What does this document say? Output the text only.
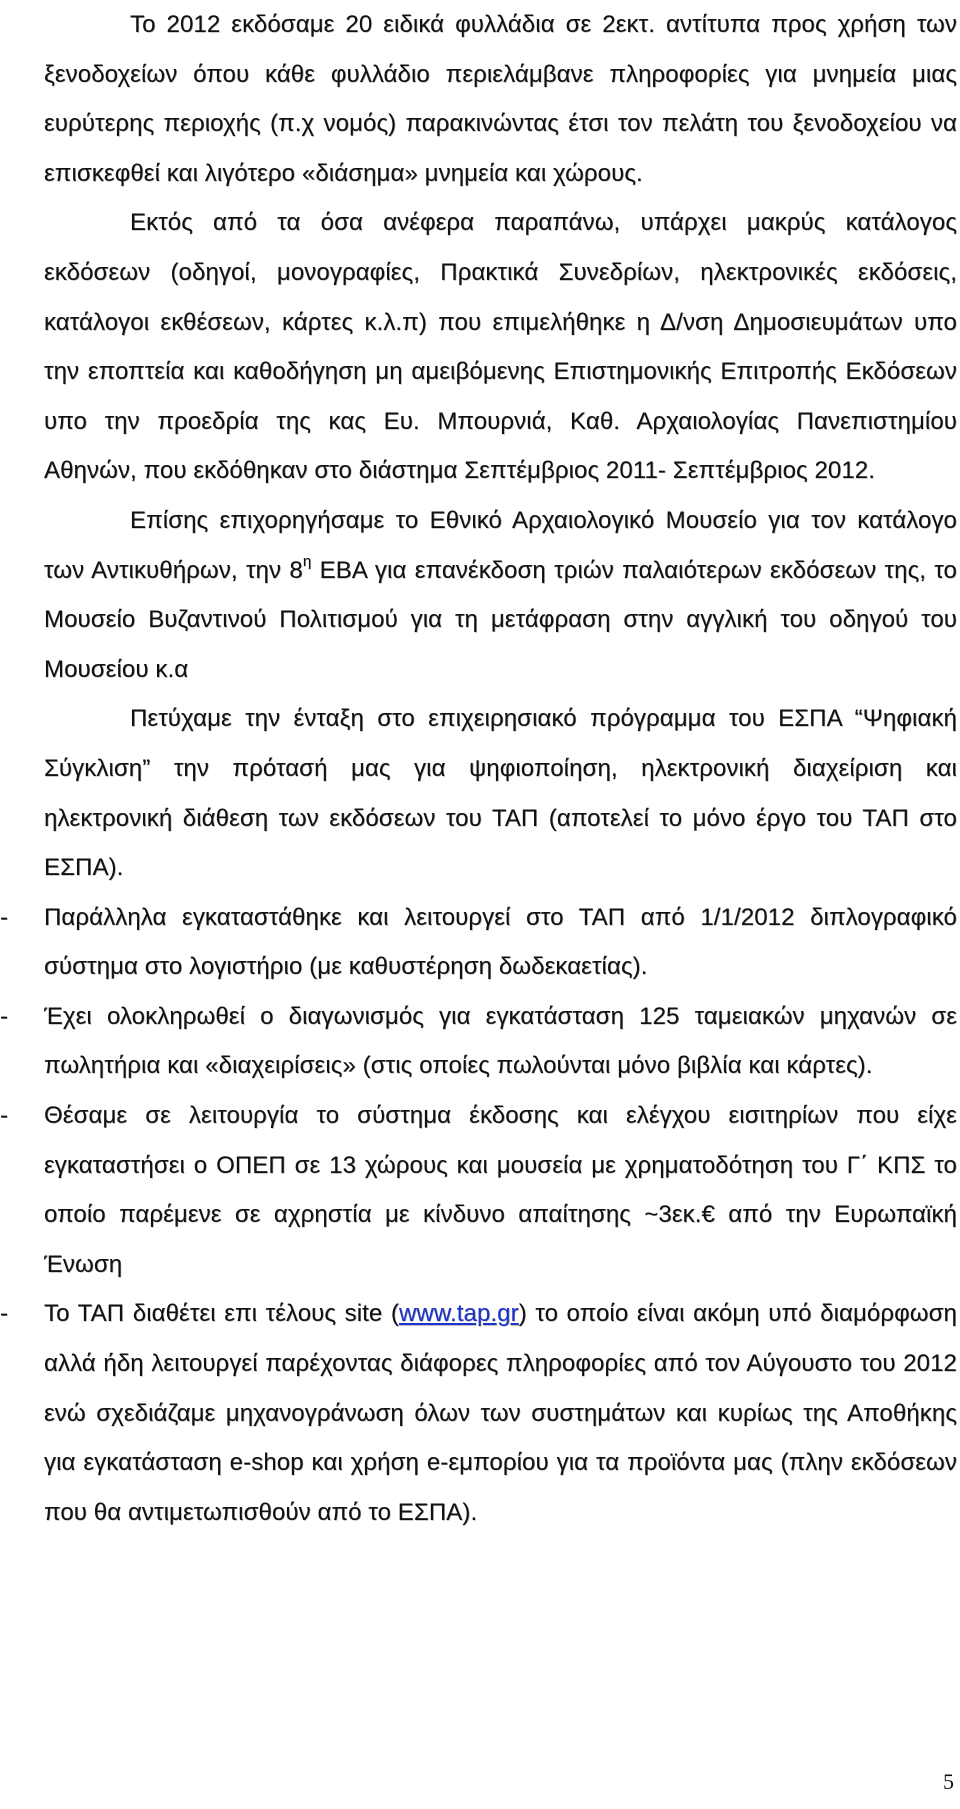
Το 2012 εκδόσαμε 20 ειδικά φυλλάδια σε 2εκτ. αντίτυπα προς χρήση των ξενοδοχείων όπου κάθε φυλλάδιο περιελάμβανε πληροφορίες για μνημεία μιας ευρύτερης περιοχής (π.χ νομός) παρακινώντας έτσι τον πελάτη του ξενοδοχείου να επισκεφθεί και λιγότερο «διάσημα» μνημεία και χώρους.

Εκτός από τα όσα ανέφερα παραπάνω, υπάρχει μακρύς κατάλογος εκδόσεων (οδηγοί, μονογραφίες, Πρακτικά Συνεδρίων, ηλεκτρονικές εκδόσεις, κατάλογοι εκθέσεων, κάρτες κ.λ.π) που επιμελήθηκε η Δ/νση Δημοσιευμάτων υπο την εποπτεία και καθοδήγηση μη αμειβόμενης Επιστημονικής Επιτροπής Εκδόσεων υπο την προεδρία της κας Ευ. Μπουρνιά, Καθ. Αρχαιολογίας Πανεπιστημίου Αθηνών, που εκδόθηκαν στο διάστημα Σεπτέμβριος 2011- Σεπτέμβριος 2012.

Επίσης επιχορηγήσαμε το Εθνικό Αρχαιολογικό Μουσείο για τον κατάλογο των Αντικυθήρων, την $8^\eta$ ΕΒΑ για επανέκδοση τριών παλαιότερων εκδόσεων της, το Μουσείο Βυζαντινού Πολιτισμού για τη μετάφραση στην αγγλική του οδηγού του Μουσείου κ.α

Πετύχαμε την ένταξη στο επιχειρησιακό πρόγραμμα του ΕΣΠΑ “Ψηφιακή Σύγκλιση” την πρότασή μας για ψηφιοποίηση, ηλεκτρονική διαχείριση και ηλεκτρονική διάθεση των εκδόσεων του ΤΑΠ (αποτελεί το μόνο έργο του ΤΑΠ στο ΕΣΠΑ).

-	Παράλληλα εγκαταστάθηκε και λειτουργεί στο ΤΑΠ από 1/1/2012 διπλογραφικό σύστημα στο λογιστήριο (με καθυστέρηση δωδεκαετίας).

-	Έχει ολοκληρωθεί ο διαγωνισμός για εγκατάσταση 125 ταμειακών μηχανών σε πωλητήρια και «διαχειρίσεις» (στις οποίες πωλούνται μόνο βιβλία και κάρτες).

-	Θέσαμε σε λειτουργία το σύστημα έκδοσης και ελέγχου εισιτηρίων που είχε εγκαταστήσει ο ΟΠΕΠ σε 13 χώρους και μουσεία με χρηματοδότηση του Γ΄ ΚΠΣ το οποίο παρέμενε σε αχρηστία με κίνδυνο απαίτησης ~3εκ.€ από την Ευρωπαϊκή Ένωση

-	Το ΤΑΠ διαθέτει επι τέλους site (www.tap.gr) το οποίο είναι ακόμη υπό διαμόρφωση αλλά ήδη λειτουργεί παρέχοντας διάφορες πληροφορίες από τον Αύγουστο του 2012 ενώ σχεδιάζαμε μηχανογράνωση όλων των συστημάτων και κυρίως της Αποθήκης για εγκατάσταση e-shop και χρήση e-εμπορίου για τα προϊόντα μας (πλην εκδόσεων που θα αντιμετωπισθούν από το ΕΣΠΑ).

5
